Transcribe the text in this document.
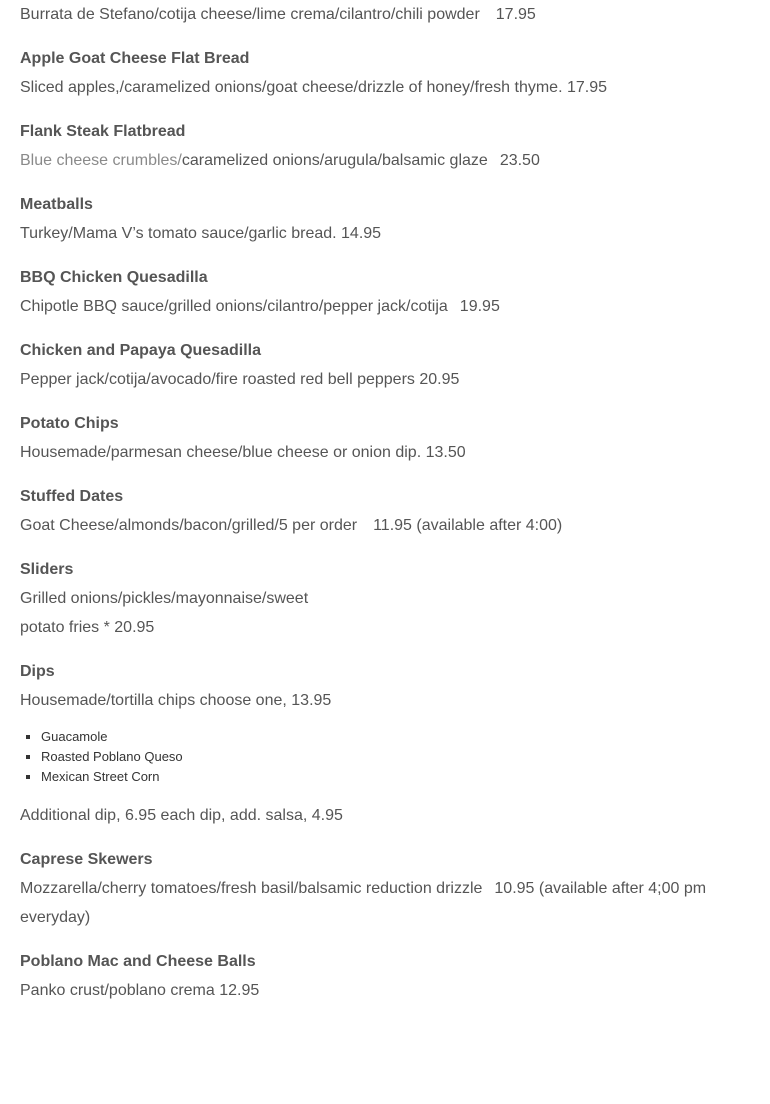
Burrata de Stefano/cotija cheese/lime crema/cilantro/chili powder 17.95

Apple Goat Cheese Flat Bread

Sliced apples,/caramelized onions/goat cheese/drizzle of honey/fresh thyme. 17.95

Flank Steak Flatbread

Blue cheese crumbles/caramelized onions/arugula/balsamic glaze 23.50

Meatballs

Turkey/Mama V’s tomato sauce/garlic bread. 14.95

BBQ Chicken Quesadilla

Chipotle BBQ sauce/grilled onions/cilantro/pepper jack/cotija 19.95

Chicken and Papaya Quesadilla

Pepper jack/cotija/avocado/fire roasted red bell peppers 20.95

Potato Chips

Housemade/parmesan cheese/blue cheese or onion dip. 13.50

Stuffed Dates

Goat Cheese/almonds/bacon/grilled/5 per order 11.95 (available after 4:00)

Sliders

Grilled onions/pickles/mayonnaise/sweet
potato fries * 20.95

Dips

Housemade/tortilla chips choose one, 13.95

▪ Guacamole
▪ Roasted Poblano Queso
▪ Mexican Street Corn

Additional dip, 6.95 each dip, add. salsa, 4.95

Caprese Skewers

Mozzarella/cherry tomatoes/fresh basil/balsamic reduction drizzle 10.95 (available after 4;00 pm everyday)

Poblano Mac and Cheese Balls

Panko crust/poblano crema 12.95
